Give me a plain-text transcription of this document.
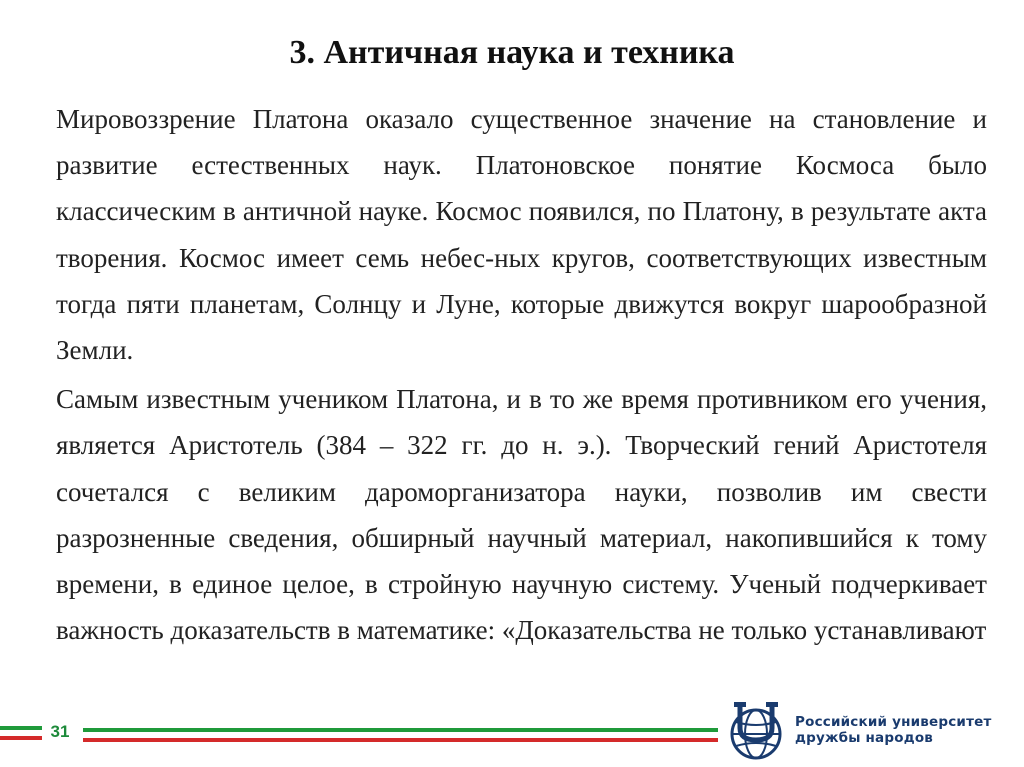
3. Античная наука и техника

Мировоззрение Платона оказало существенное значение на становление и развитие естественных наук. Платоновское понятие Космоса было классическим в античной науке. Космос появился, по Платону, в результате акта творения. Космос имеет семь небес-ных кругов, соответствующих известным тогда пяти планетам, Солнцу и Луне, которые движутся вокруг шарообразной Земли.

Самым известным учеником Платона, и в то же время противником его учения, является Аристотель (384 – 322 гг. до н. э.). Творческий гений Аристотеля сочетался с великим дароморганизатора науки, позволив им свести разрозненные сведения, обширный научный материал, накопившийся к тому времени, в единое целое, в стройную научную систему. Ученый подчеркивает важность доказательств в математике: «Доказательства не только устанавливают

31	Российский университет
дружбы народов
